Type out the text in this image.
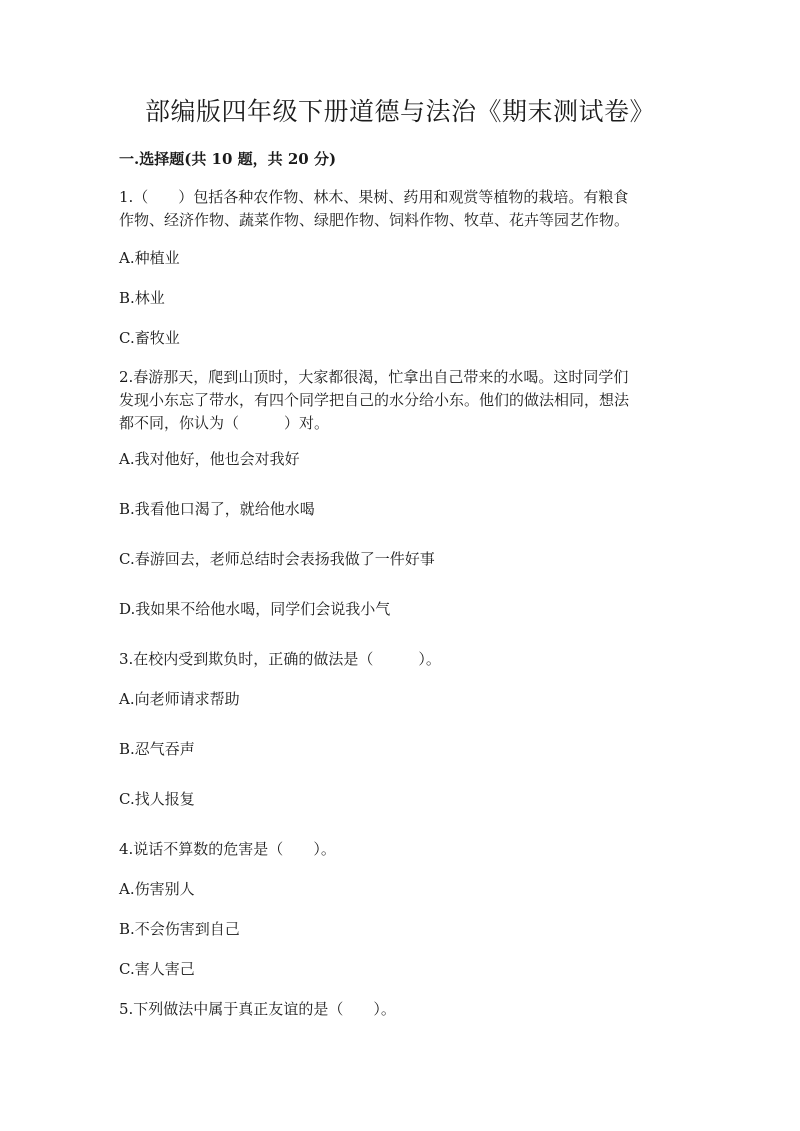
部编版四年级下册道德与法治《期末测试卷》
一.选择题(共 10 题，共 20 分)
1.（　　）包括各种农作物、林木、果树、药用和观赏等植物的栽培。有粮食
作物、经济作物、蔬菜作物、绿肥作物、饲料作物、牧草、花卉等园艺作物。
A.种植业
B.林业
C.畜牧业
2.春游那天，爬到山顶时，大家都很渴，忙拿出自己带来的水喝。这时同学们
发现小东忘了带水，有四个同学把自己的水分给小东。他们的做法相同，想法
都不同，你认为（　　　）对。
A.我对他好，他也会对我好
B.我看他口渴了，就给他水喝
C.春游回去，老师总结时会表扬我做了一件好事
D.我如果不给他水喝，同学们会说我小气
3.在校内受到欺负时，正确的做法是（　　　）。
A.向老师请求帮助
B.忍气吞声
C.找人报复
4.说话不算数的危害是（　　）。
A.伤害别人
B.不会伤害到自己
C.害人害己
5.下列做法中属于真正友谊的是（　　）。
